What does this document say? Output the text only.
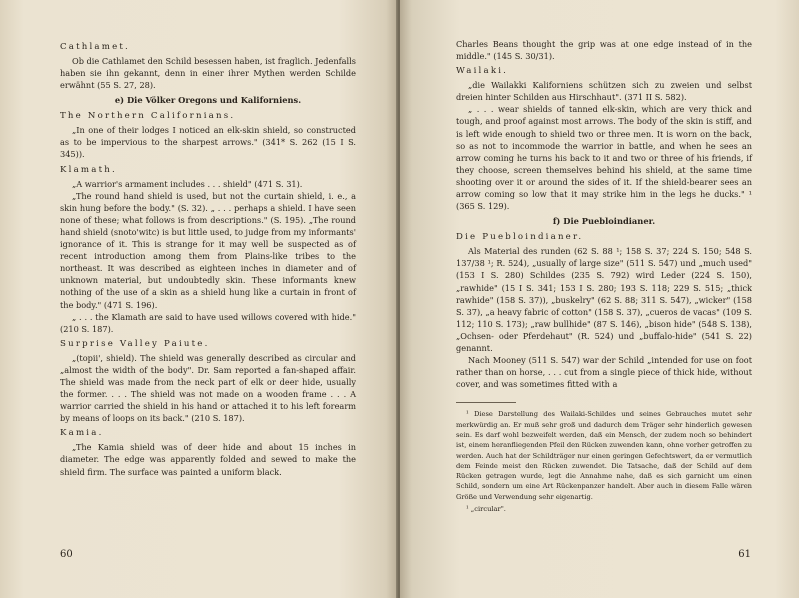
Cathlamet.

Ob die Cathlamet den Schild besessen haben, ist fraglich. Jedenfalls haben sie ihn gekannt, denn in einer ihrer Mythen werden Schilde erwähnt (55 S. 27, 28).

e) Die Völker Oregons und Kaliforniens.
The Northern Californians.

„In one of their lodges I noticed an elk-skin shield, so constructed as to be impervious to the sharpest arrows." (341* S. 262 (15 I S. 345)).

Klamath.

„A warrior's armament includes . . . shield" (471 S. 31).

„The round hand shield is used, but not the curtain shield, i. e., a skin hung before the body." (S. 32). „ . . . perhaps a shield. I have seen none of these; what follows is from descriptions." (S. 195). „The round hand shield (snoto'witc) is but little used, to judge from my informants' ignorance of it. This is strange for it may well be suspected as of recent introduction among them from Plains-like tribes to the northeast. It was described as eighteen inches in diameter and of unknown material, but undoubtedly skin. These informants knew nothing of the use of a skin as a shield hung like a curtain in front of the body." (471 S. 196).

„ . . . the Klamath are said to have used willows covered with hide." (210 S. 187).

Surprise Valley Paiute.

„(topii', shield). The shield was generally described as circular and „almost the width of the body". Dr. Sam reported a fan-shaped affair. The shield was made from the neck part of elk or deer hide, usually the former. . . . The shield was not made on a wooden frame . . . A warrior carried the shield in his hand or attached it to his left forearm by means of loops on its back." (210 S. 187).

Kamia.

„The Kamia shield was of deer hide and about 15 inches in diameter. The edge was apparently folded and sewed to make the shield firm. The surface was painted a uniform black.

60

Charles Beans thought the grip was at one edge instead of in the middle." (145 S. 30/31).

Wailaki.

„die Wailakki Kaliforniens schützen sich zu zweien und selbst dreien hinter Schilden aus Hirschhaut". (371 II S. 582).

„ . . . wear shields of tanned elk-skin, which are very thick and tough, and proof against most arrows. The body of the skin is stiff, and is left wide enough to shield two or three men. It is worn on the back, so as not to incommode the warrior in battle, and when he sees an arrow coming he turns his back to it and two or three of his friends, if they choose, screen themselves behind his shield, at the same time shooting over it or around the sides of it. If the shield-bearer sees an arrow coming so low that it may strike him in the legs he ducks." ¹ (365 S. 129).

f) Die Puebloindianer.
Die Puebloindianer.

Als Material des runden (62 S. 88 ¹; 158 S. 37; 224 S. 150; 548 S. 137/38 ¹; R. 524), „usually of large size" (511 S. 547) und „much used" (153 I S. 280) Schildes (235 S. 792) wird Leder (224 S. 150), „rawhide" (15 I S. 341; 153 I S. 280; 193 S. 118; 229 S. 515; „thick rawhide" (158 S. 37)), „buskelry" (62 S. 88; 311 S. 547), „wicker" (158 S. 37), „a heavy fabric of cotton" (158 S. 37), „cueros de vacas" (109 S. 112; 110 S. 173); „raw bullhide" (87 S. 146), „bison hide" (548 S. 138), „Ochsen- oder Pferdehaut" (R. 524) und „buffalo-hide" (541 S. 22) genannt.

Nach Mooney (511 S. 547) war der Schild „intended for use on foot rather than on horse, . . . cut from a single piece of thick hide, without cover, and was sometimes fitted with a

¹ Diese Darstellung des Wailaki-Schildes und seines Gebrauches mutet sehr merkwürdig an. Er muß sehr groß und dadurch dem Träger sehr hinderlich gewesen sein. Es darf wohl bezweifelt werden, daß ein Mensch, der zudem noch so behindert ist, einem heranfliegenden Pfeil den Rücken zuwenden kann, ohne vorher getroffen zu werden. Auch hat der Schildträger nur einen geringen Gefechtswert, da er vermutlich dem Feinde meist den Rücken zuwendet. Die Tatsache, daß der Schild auf dem Rücken getragen wurde, legt die Annahme nahe, daß es sich garnicht um einen Schild, sondern um eine Art Rückenpanzer handelt. Aber auch in diesem Falle wären Größe und Verwendung sehr eigenartig.

¹ „circular".

61
